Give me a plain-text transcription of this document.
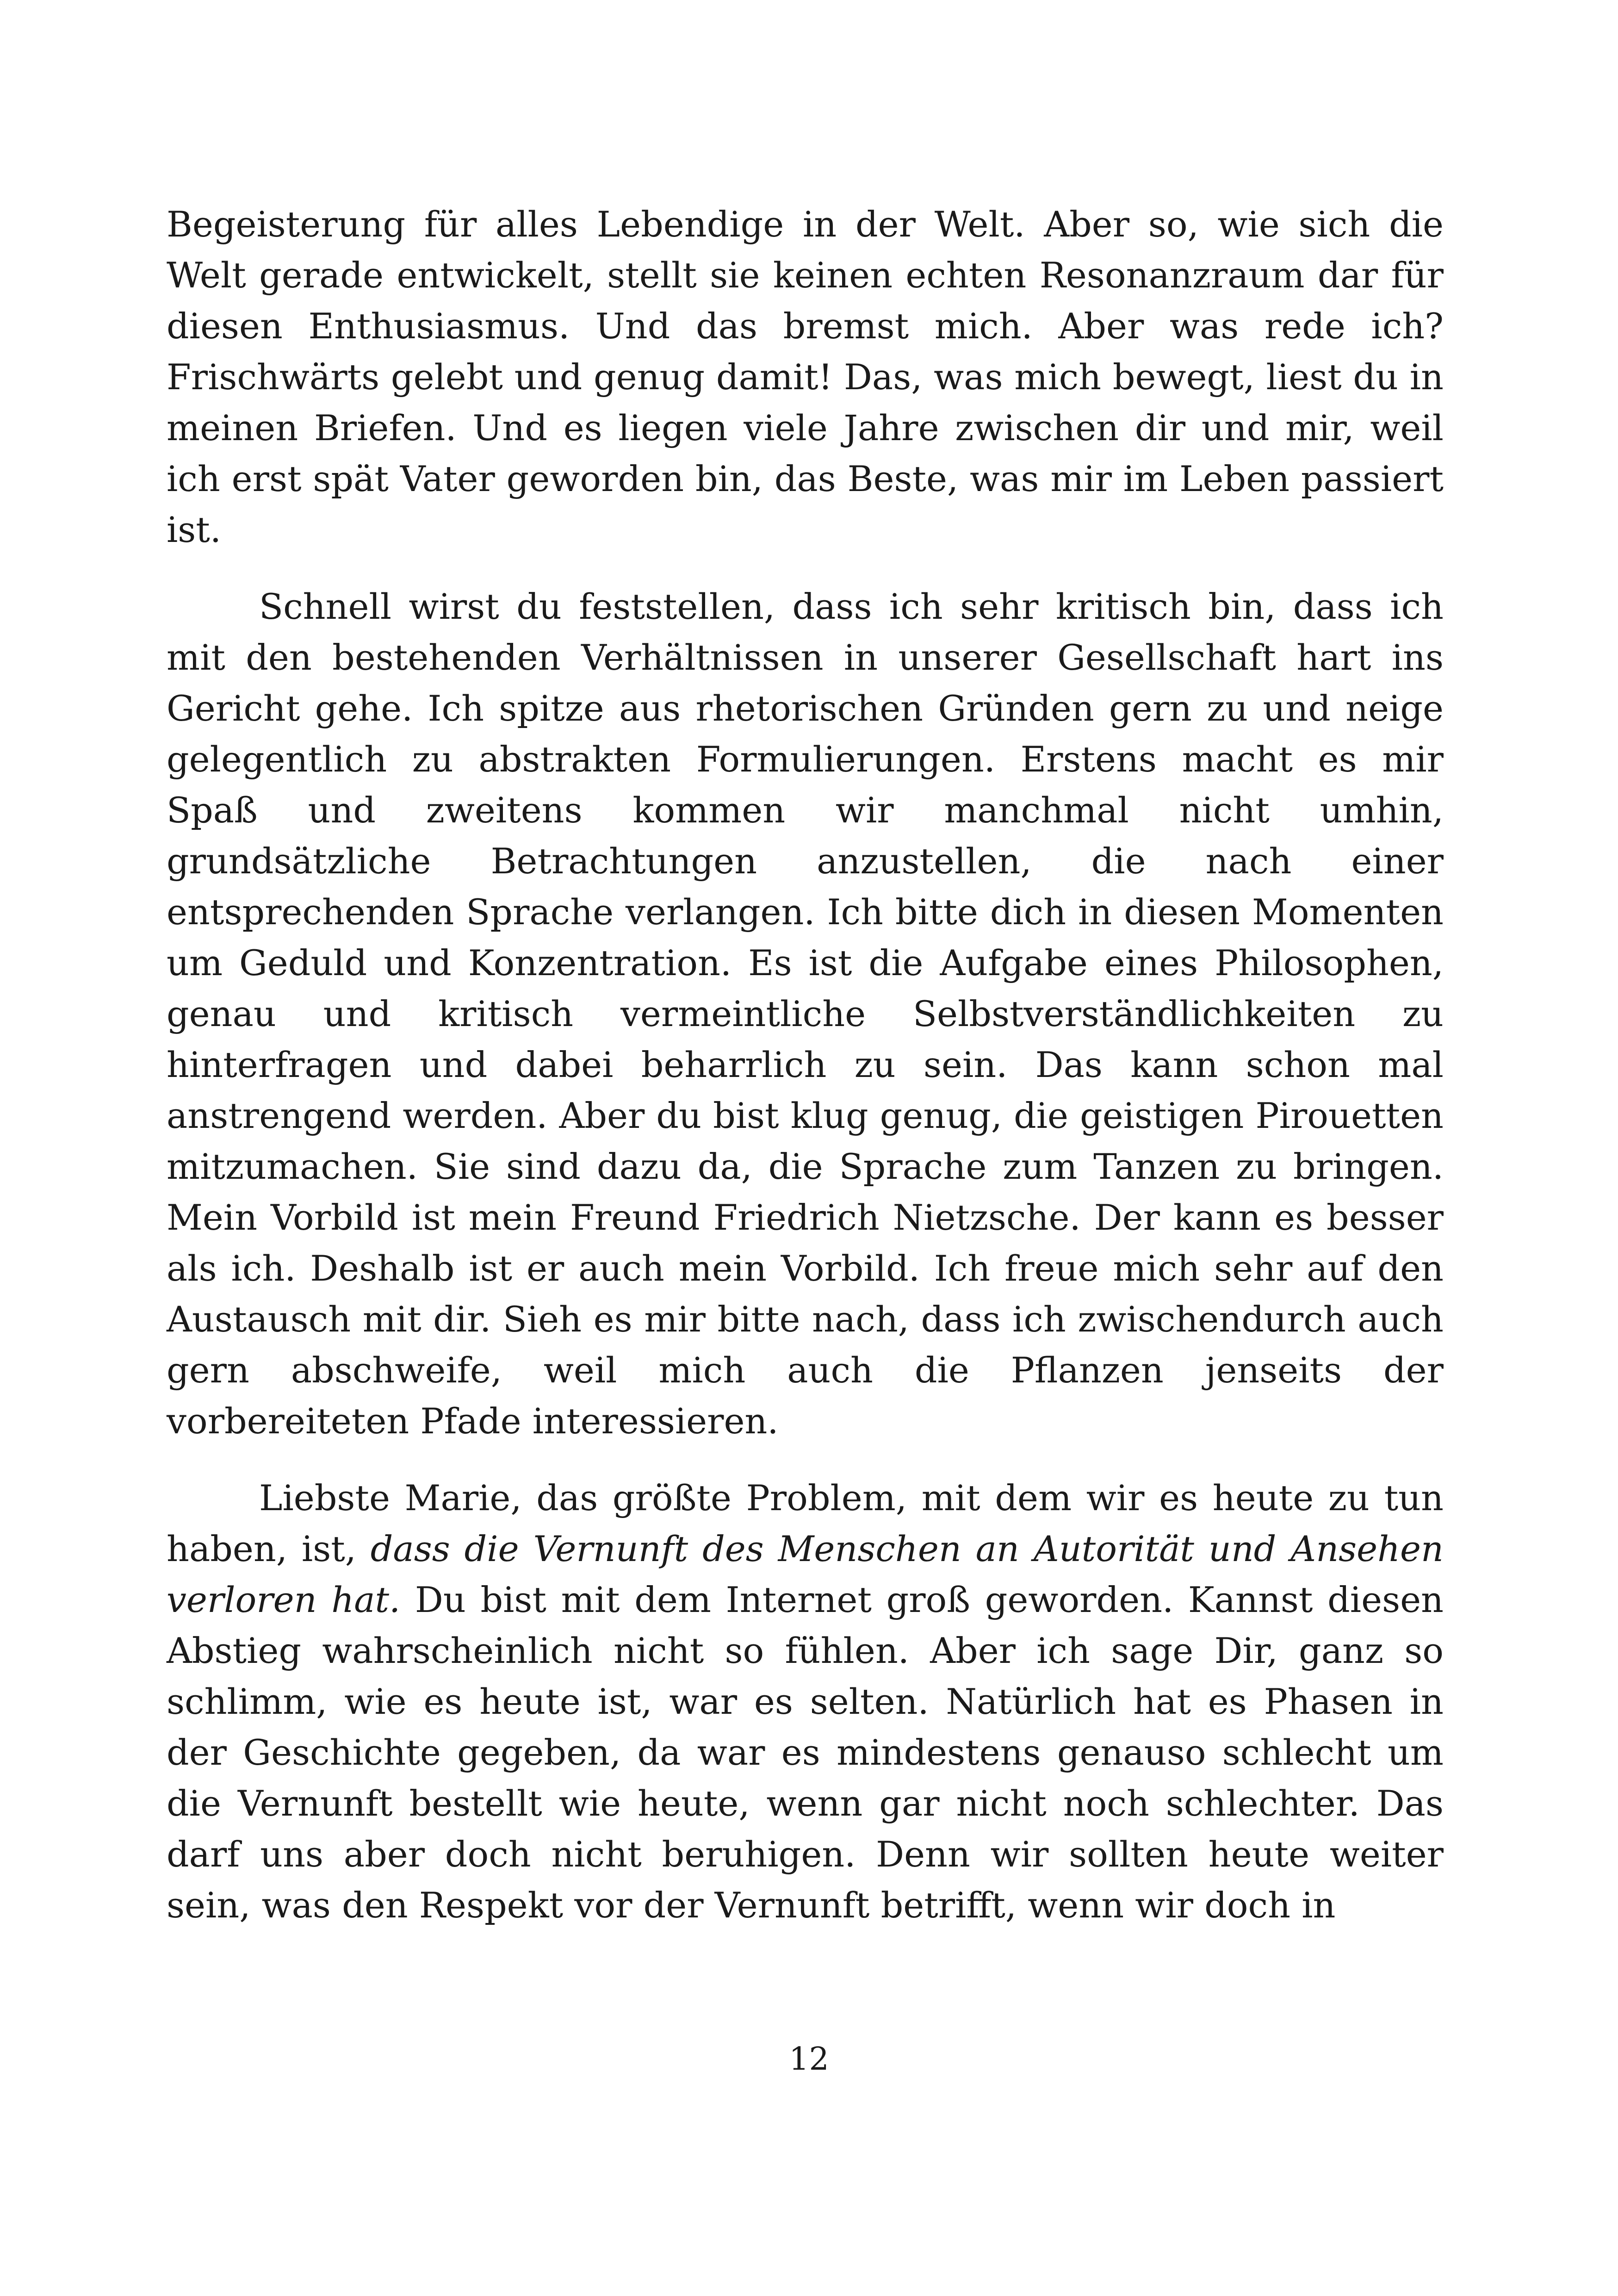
Begeisterung für alles Lebendige in der Welt. Aber so, wie sich die Welt gerade entwickelt, stellt sie keinen echten Resonanzraum dar für diesen Enthusiasmus. Und das bremst mich. Aber was rede ich? Frischwärts gelebt und genug damit! Das, was mich bewegt, liest du in meinen Briefen. Und es liegen viele Jahre zwischen dir und mir, weil ich erst spät Vater geworden bin, das Beste, was mir im Leben passiert ist.

Schnell wirst du feststellen, dass ich sehr kritisch bin, dass ich mit den bestehenden Verhältnissen in unserer Gesellschaft hart ins Gericht gehe. Ich spitze aus rhetorischen Gründen gern zu und neige gelegentlich zu abstrakten Formulierungen. Erstens macht es mir Spaß und zweitens kommen wir manchmal nicht umhin, grundsätzliche Betrachtungen anzustellen, die nach einer entsprechenden Sprache verlangen. Ich bitte dich in diesen Momenten um Geduld und Konzentration. Es ist die Aufgabe eines Philosophen, genau und kritisch vermeintliche Selbstverständlichkeiten zu hinterfragen und dabei beharrlich zu sein. Das kann schon mal anstrengend werden. Aber du bist klug genug, die geistigen Pirouetten mitzumachen. Sie sind dazu da, die Sprache zum Tanzen zu bringen. Mein Vorbild ist mein Freund Friedrich Nietzsche. Der kann es besser als ich. Deshalb ist er auch mein Vorbild. Ich freue mich sehr auf den Austausch mit dir. Sieh es mir bitte nach, dass ich zwischendurch auch gern abschweife, weil mich auch die Pflanzen jenseits der vorbereiteten Pfade interessieren.

Liebste Marie, das größte Problem, mit dem wir es heute zu tun haben, ist, dass die Vernunft des Menschen an Autorität und Ansehen verloren hat. Du bist mit dem Internet groß geworden. Kannst diesen Abstieg wahrscheinlich nicht so fühlen. Aber ich sage Dir, ganz so schlimm, wie es heute ist, war es selten. Natürlich hat es Phasen in der Geschichte gegeben, da war es mindestens genauso schlecht um die Vernunft bestellt wie heute, wenn gar nicht noch schlechter. Das darf uns aber doch nicht beruhigen. Denn wir sollten heute weiter sein, was den Respekt vor der Vernunft betrifft, wenn wir doch in

12
